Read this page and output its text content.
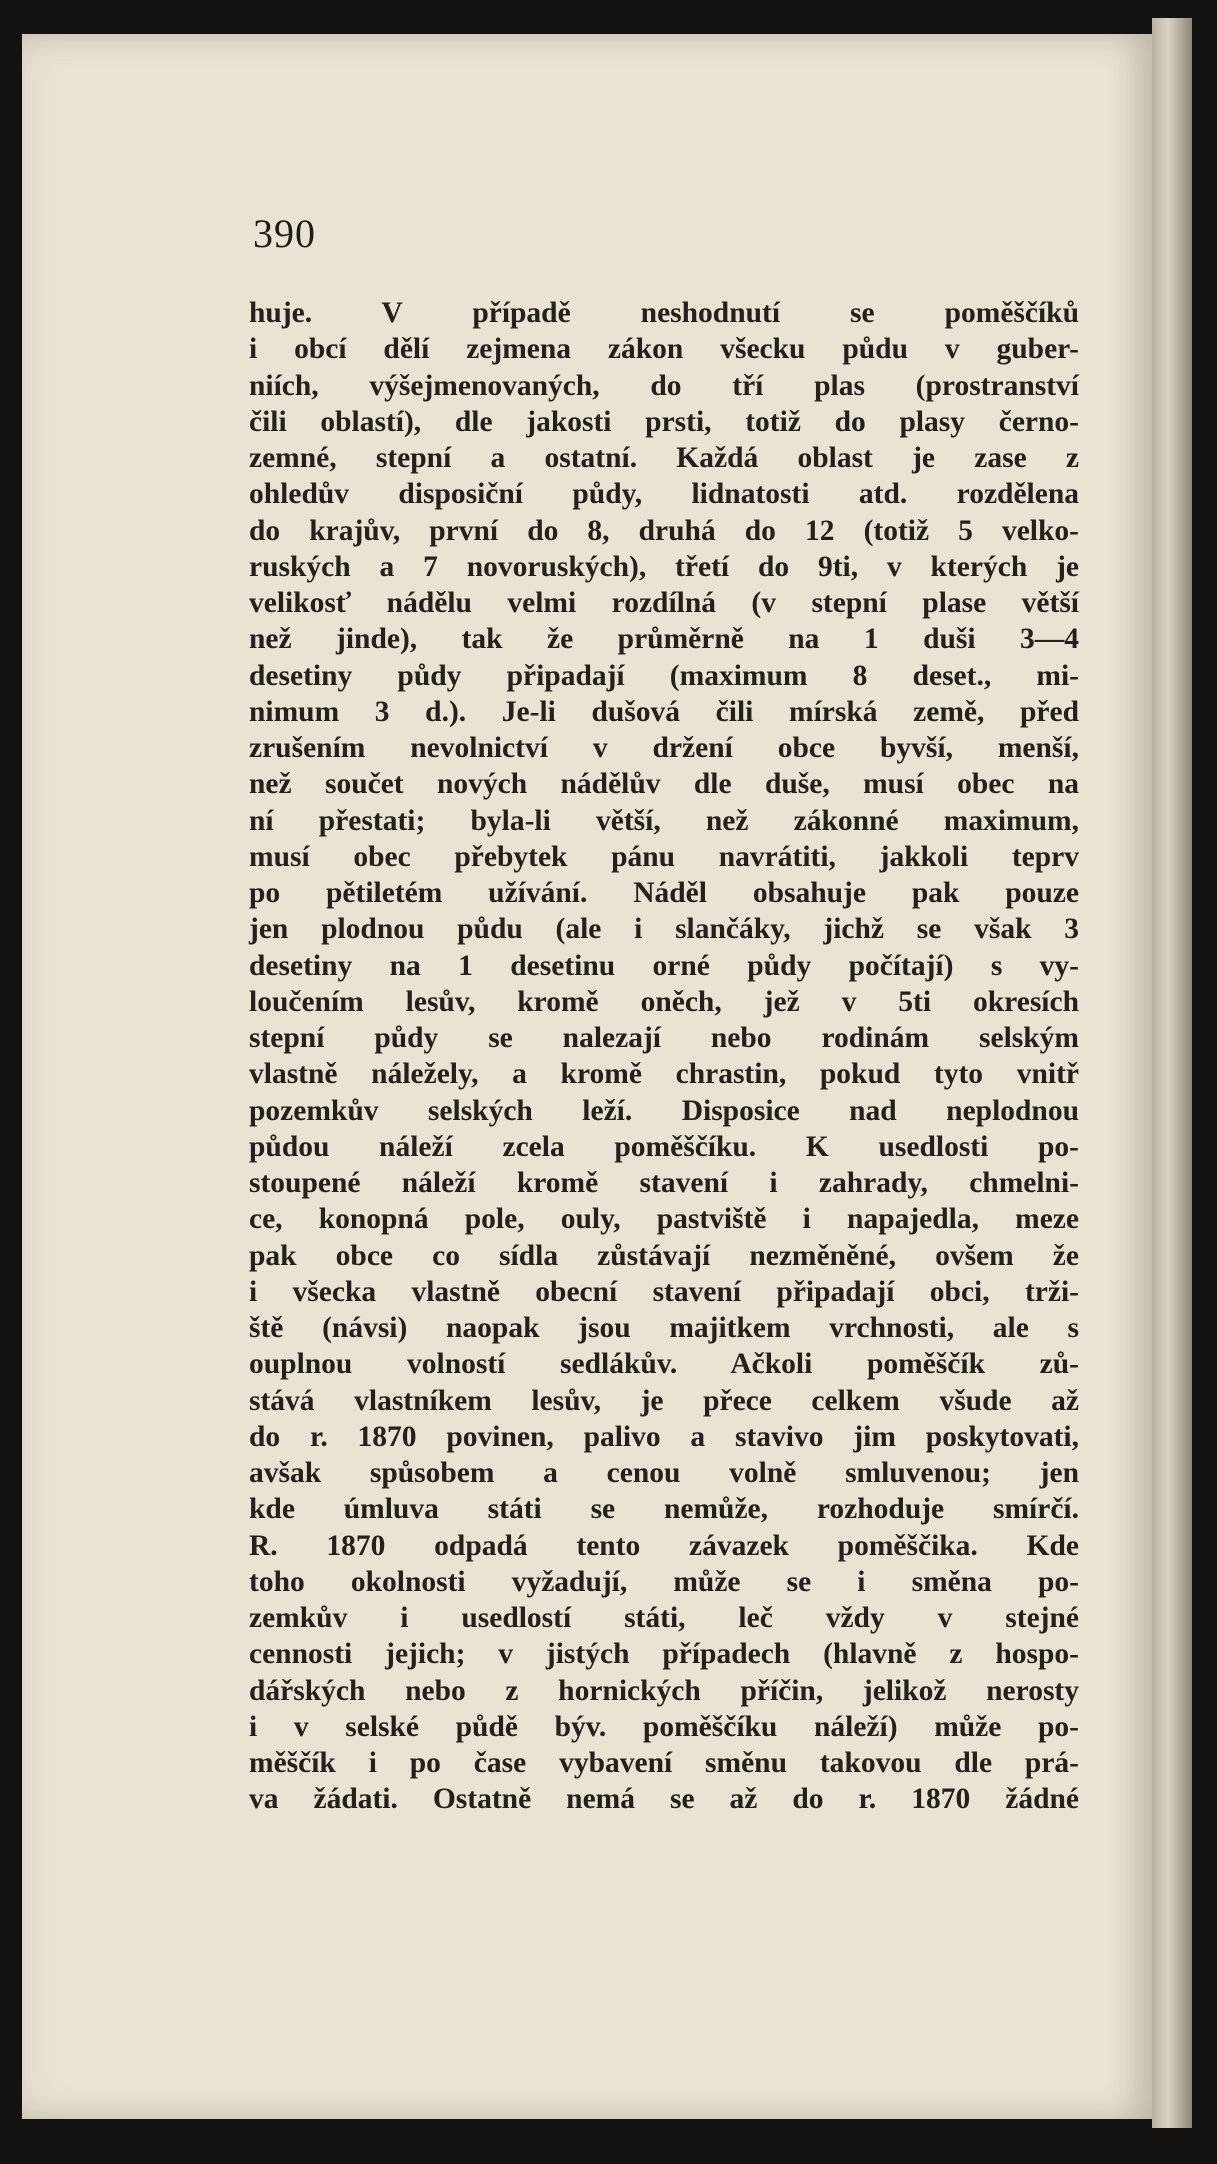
390
huje. V případě neshodnutí se poměščíků
i obcí dělí zejmena zákon všecku půdu v guber-
niích, výšejmenovaných, do tří plas (prostranství
čili oblastí), dle jakosti prsti, totiž do plasy černo-
zemné, stepní a ostatní. Každá oblast je zase z
ohledův disposiční půdy, lidnatosti atd. rozdělena
do krajův, první do 8, druhá do 12 (totiž 5 velko-
ruských a 7 novoruských), třetí do 9ti, v kterých je
velikosť nádělu velmi rozdílná (v stepní plase větší
než jinde), tak že průměrně na 1 duši 3—4
desetiny půdy připadají (maximum 8 deset., mi-
nimum 3 d.). Je-li dušová čili mírská země, před
zrušením nevolnictví v držení obce byvší, menší,
než součet nových nádělův dle duše, musí obec na
ní přestati; byla-li větší, než zákonné maximum,
musí obec přebytek pánu navrátiti, jakkoli teprv
po pětiletém užívání. Náděl obsahuje pak pouze
jen plodnou půdu (ale i slančáky, jichž se však 3
desetiny na 1 desetinu orné půdy počítají) s vy-
loučením lesův, kromě oněch, jež v 5ti okresích
stepní půdy se nalezají nebo rodinám selským
vlastně náležely, a kromě chrastin, pokud tyto vnitř
pozemkův selských leží. Disposice nad neplodnou
půdou náleží zcela poměščíku. K usedlosti po-
stoupené náleží kromě stavení i zahrady, chmelni-
ce, konopná pole, ouly, pastviště i napajedla, meze
pak obce co sídla zůstávají nezměněné, ovšem že
i všecka vlastně obecní stavení připadají obci, trži-
ště (návsi) naopak jsou majitkem vrchnosti, ale s
ouplnou volností sedlákův. Ačkoli poměščík zů-
stává vlastníkem lesův, je přece celkem všude až
do r. 1870 povinen, palivo a stavivo jim poskytovati,
avšak spůsobem a cenou volně smluvenou; jen
kde úmluva státi se nemůže, rozhoduje smírčí.
R. 1870 odpadá tento závazek poměščika. Kde
toho okolnosti vyžadují, může se i směna po-
zemkův i usedlostí státi, leč vždy v stejné
cennosti jejich; v jistých případech (hlavně z hospo-
dářských nebo z hornických příčin, jelikož nerosty
i v selské půdě býv. poměščíku náleží) může po-
měščík i po čase vybavení směnu takovou dle prá-
va žádati. Ostatně nemá se až do r. 1870 žádné
